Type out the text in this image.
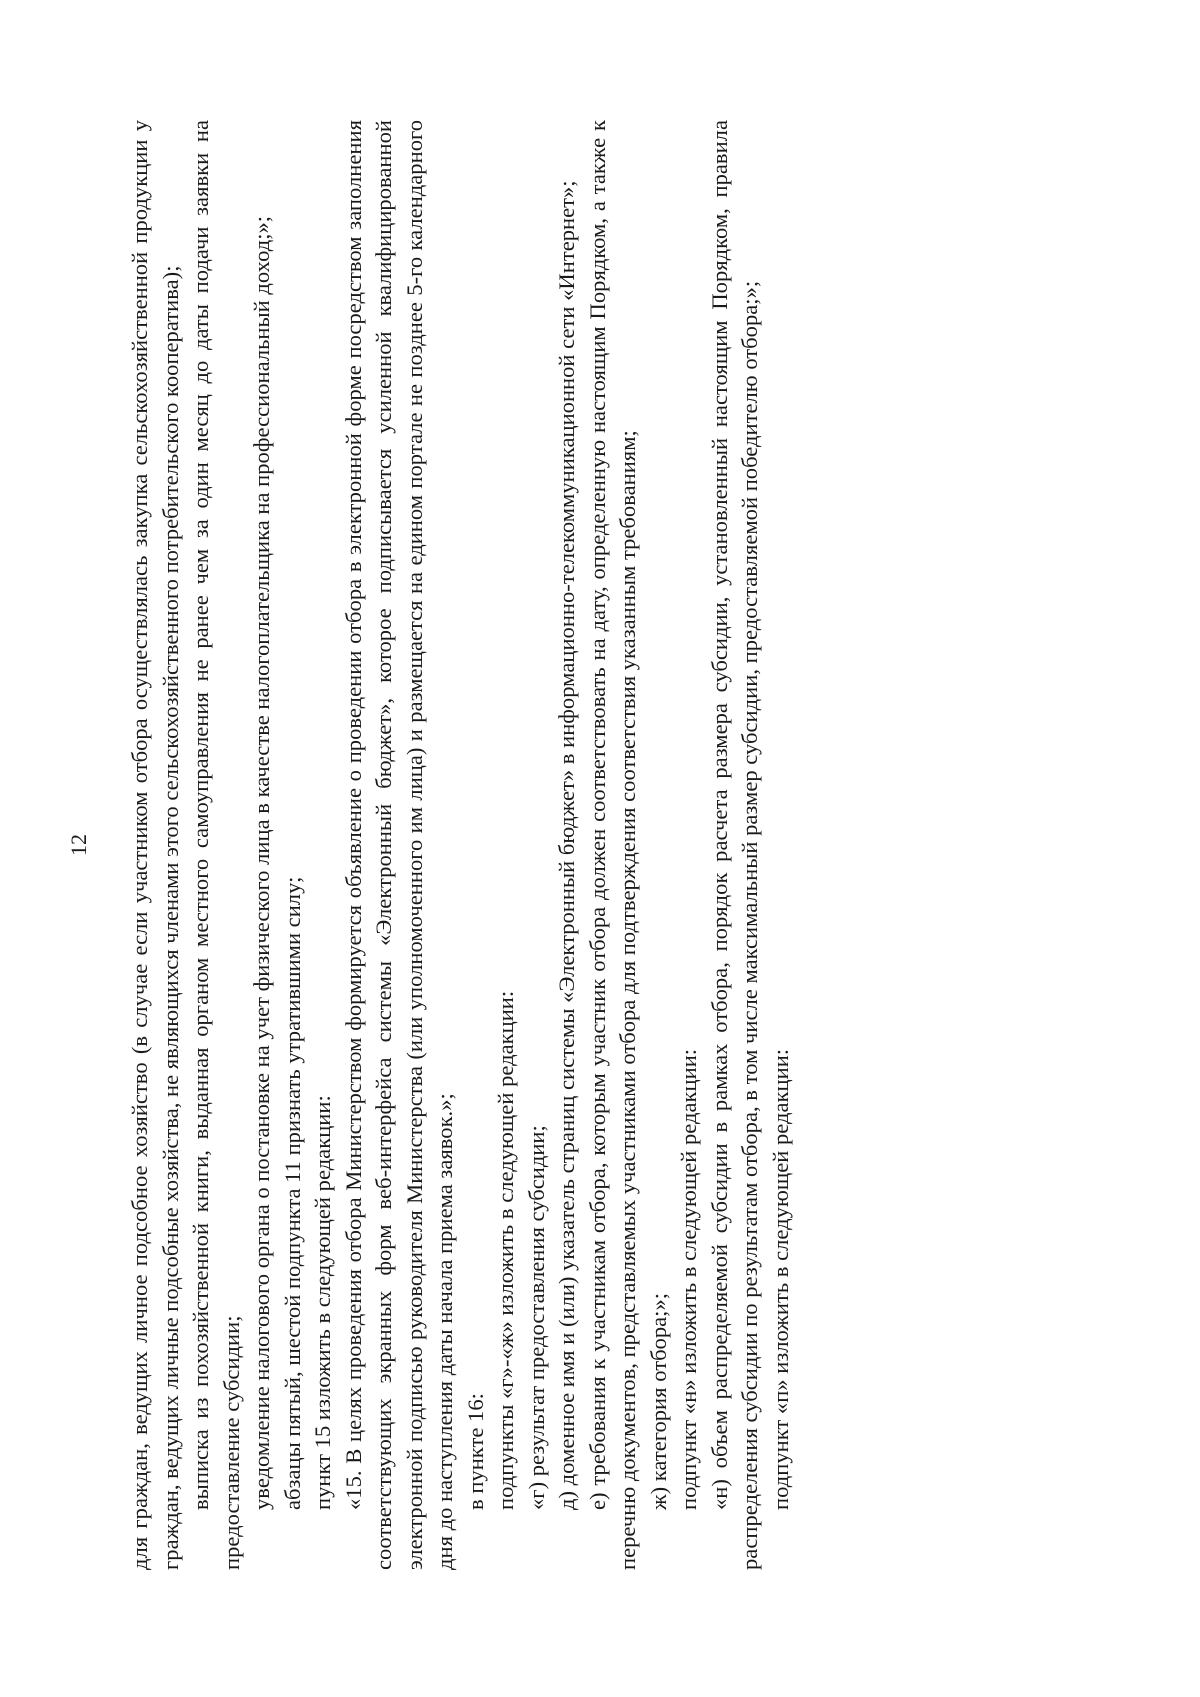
12 для граждан, ведущих личное подсобное хозяйство (в случае если участником отбора осуществлялась закупка сельскохозяйственной продукции у граждан, ведущих личные подсобные хозяйства, не являющихся членами этого сельскохозяйственного потребительского кооператива); выписка из похозяйственной книги, выданная органом местного самоуправления не ранее чем за один месяц до даты подачи заявки на предоставление субсидии; уведомление налогового органа о постановке на учет физического лица в качестве налогоплательщика на профессиональный доход;»; абзацы пятый, шестой подпункта 11 признать утратившими силу; пункт 15 изложить в следующей редакции: «15. В целях проведения отбора Министерством формируется объявление о проведении отбора в электронной форме посредством заполнения соответствующих экранных форм веб-интерфейса системы «Электронный бюджет», которое подписывается усиленной квалифицированной электронной подписью руководителя Министерства (или уполномоченного им лица) и размещается на едином портале не позднее 5-го календарного дня до наступления даты начала приема заявок.»; в пункте 16: подпункты «г»-«ж» изложить в следующей редакции: «г) результат предоставления субсидии; д) доменное имя и (или) указатель страниц системы «Электронный бюджет» в информационно-телекоммуникационной сети «Интернет»; е) требования к участникам отбора, которым участник отбора должен соответствовать на дату, определенную настоящим Порядком, а также к перечню документов, представляемых участниками отбора для подтверждения соответствия указанным требованиям; ж) категория отбора;»; подпункт «н» изложить в следующей редакции: «н) объем распределяемой субсидии в рамках отбора, порядок расчета размера субсидии, установленный настоящим Порядком, правила распределения субсидии по результатам отбора, в том числе максимальный размер субсидии, предоставляемой победителю отбора;»; подпункт «п» изложить в следующей редакции:
